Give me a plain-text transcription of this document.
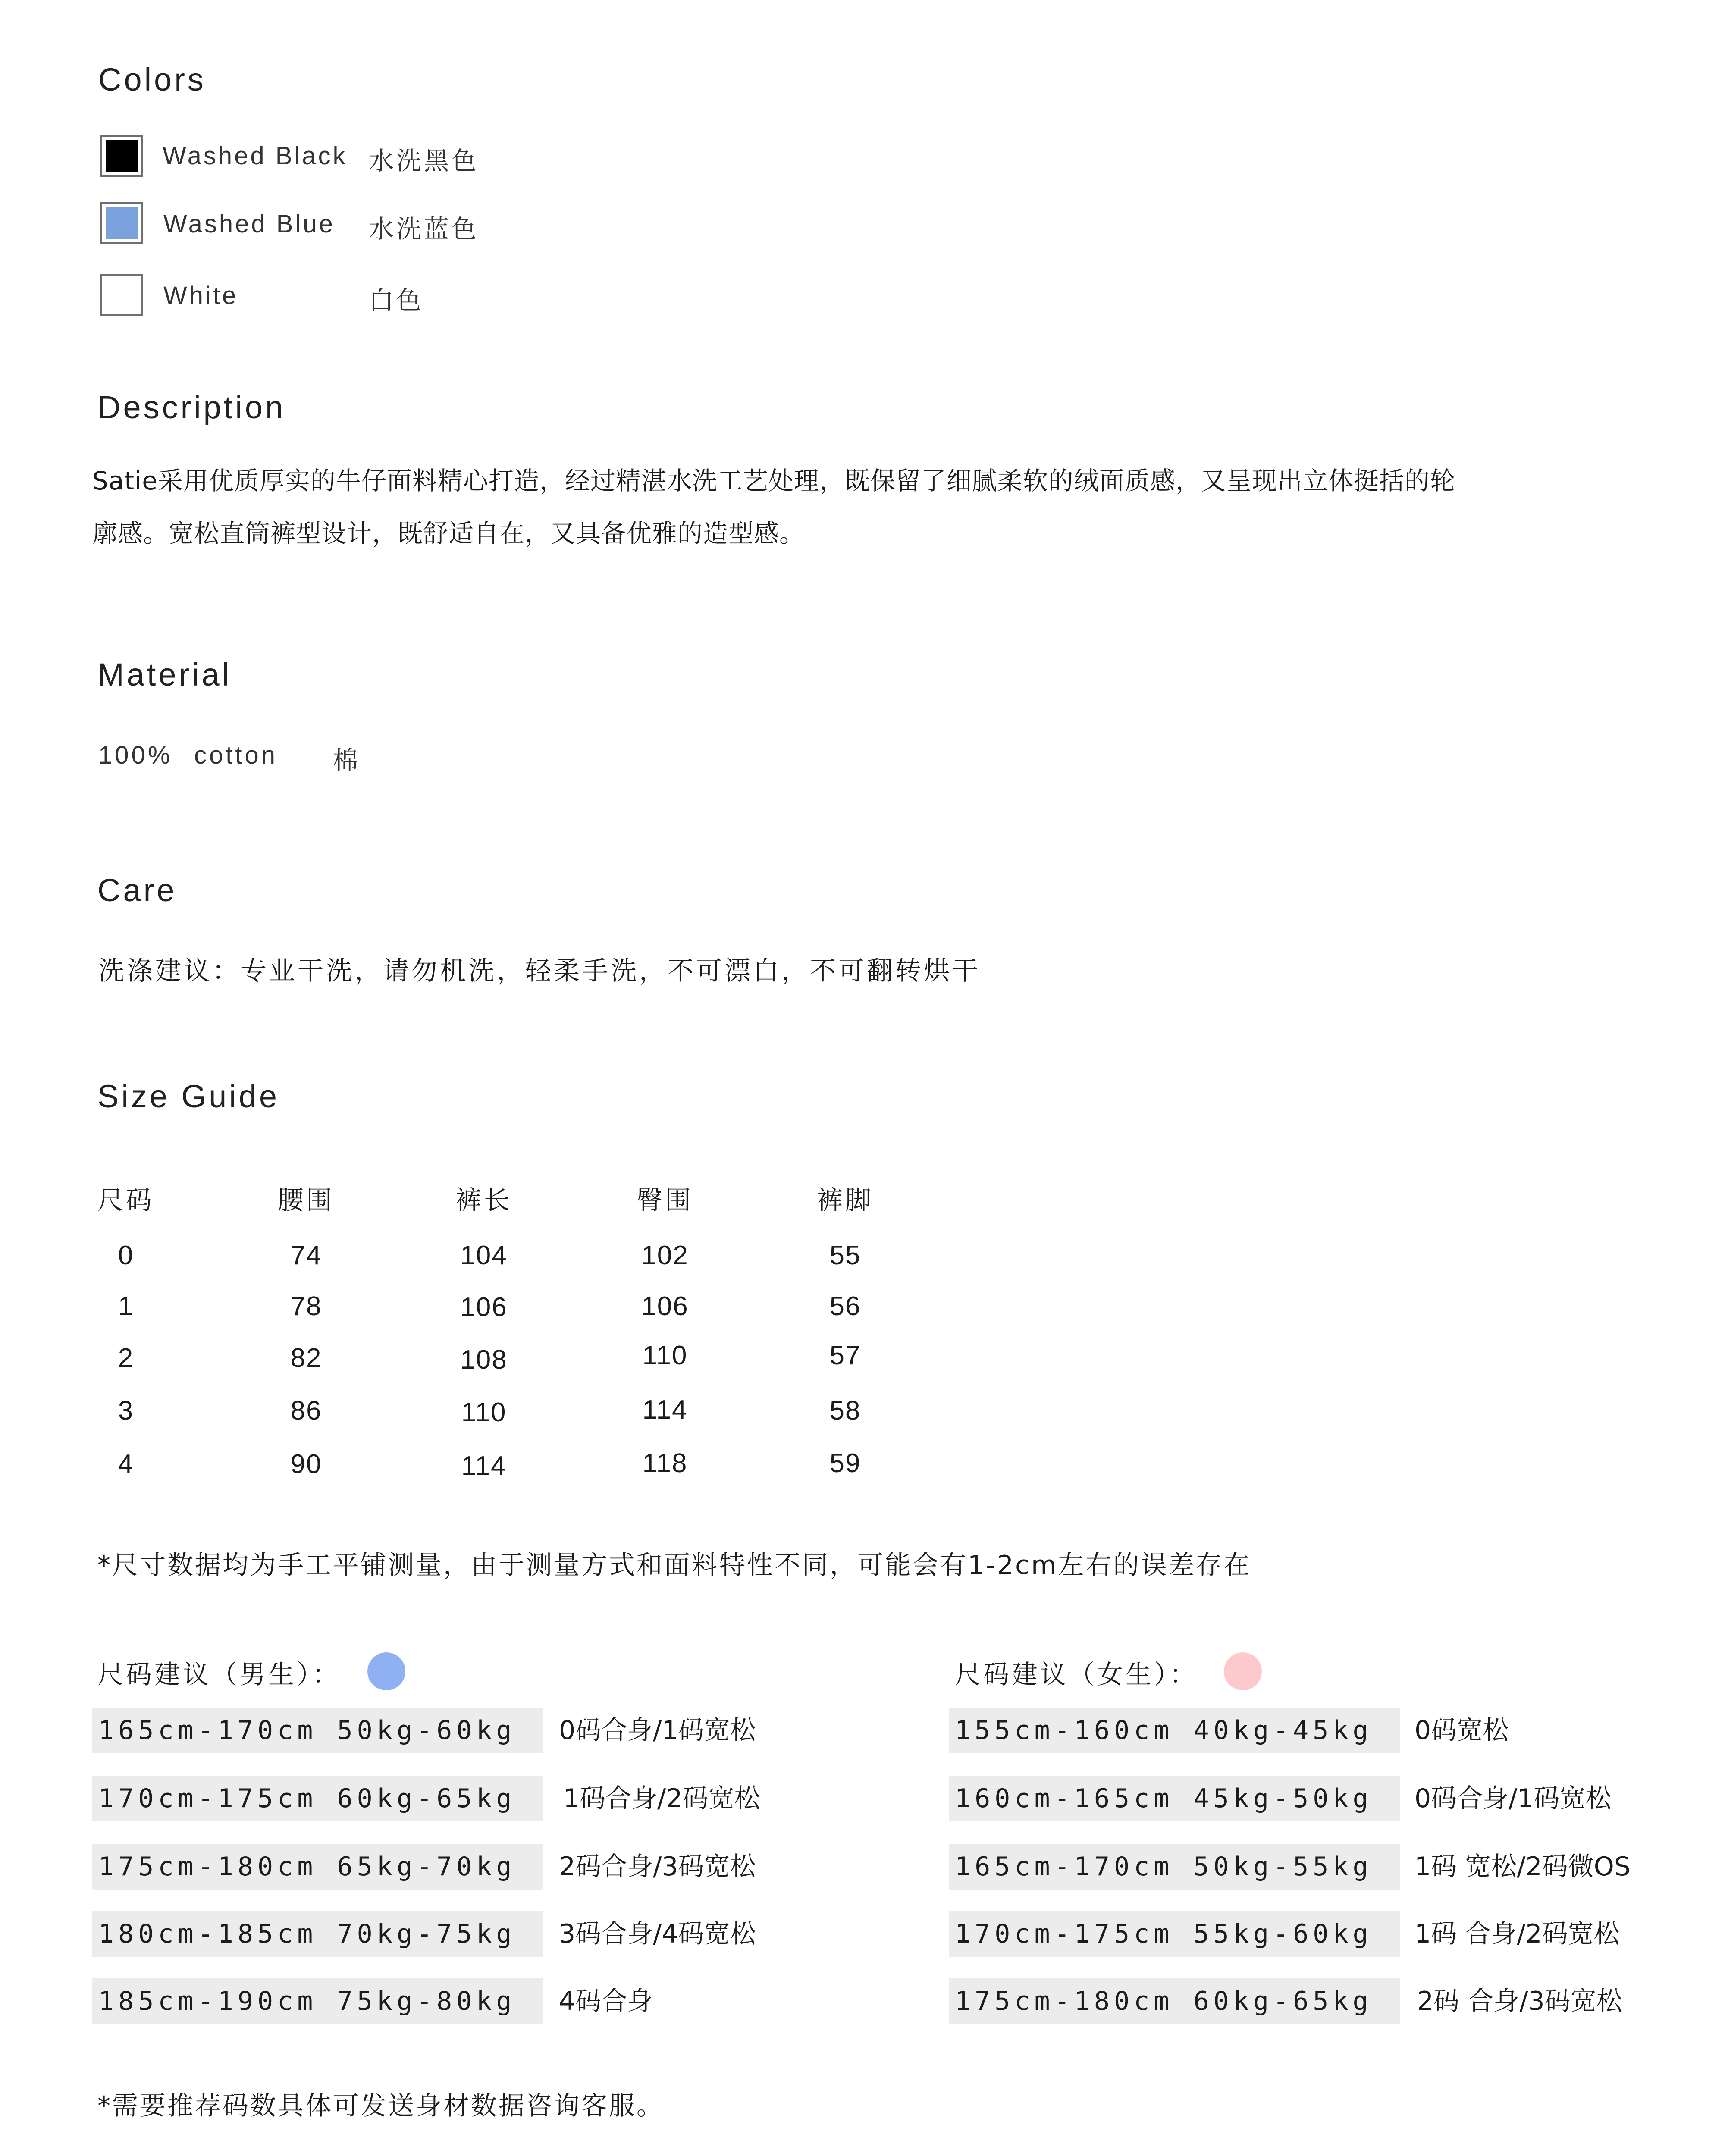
Colors
Washed Black 水洗黑色
Washed Blue 水洗蓝色
White	白色
Description
Satie采用优质厚实的牛仔面料精心打造，经过精湛水洗工艺处理，既保留了细腻柔软的绒面质感，又呈现出立体挺括的轮
廓感。宽松直筒裤型设计，既舒适自在，又具备优雅的造型感。
Material
100% cotton 棉
Care
洗涤建议：专业干洗，请勿机洗，轻柔手洗，不可漂白，不可翻转烘干
Size Guide
尺码	腰围	裤长	臀围	裤脚
0	74	104	102	55
1	78	106	106	56
2	82	108	110	57
3	86	110	114	58
4	90	114	118	59
*尺寸数据均为手工平铺测量，由于测量方式和面料特性不同，可能会有1-2cm左右的误差存在
尺码建议（男生）：
165cm-170cm 50kg-60kg	0码合身/1码宽松
170cm-175cm 60kg-65kg	1码合身/2码宽松
175cm-180cm 65kg-70kg	2码合身/3码宽松
180cm-185cm 70kg-75kg	3码合身/4码宽松
185cm-190cm 75kg-80kg	4码合身
尺码建议（女生）：
155cm-160cm 40kg-45kg	0码宽松
160cm-165cm 45kg-50kg	0码合身/1码宽松
165cm-170cm 50kg-55kg	1码 宽松/2码微OS
170cm-175cm 55kg-60kg	1码 合身/2码宽松
175cm-180cm 60kg-65kg	2码 合身/3码宽松
*需要推荐码数具体可发送身材数据咨询客服。
